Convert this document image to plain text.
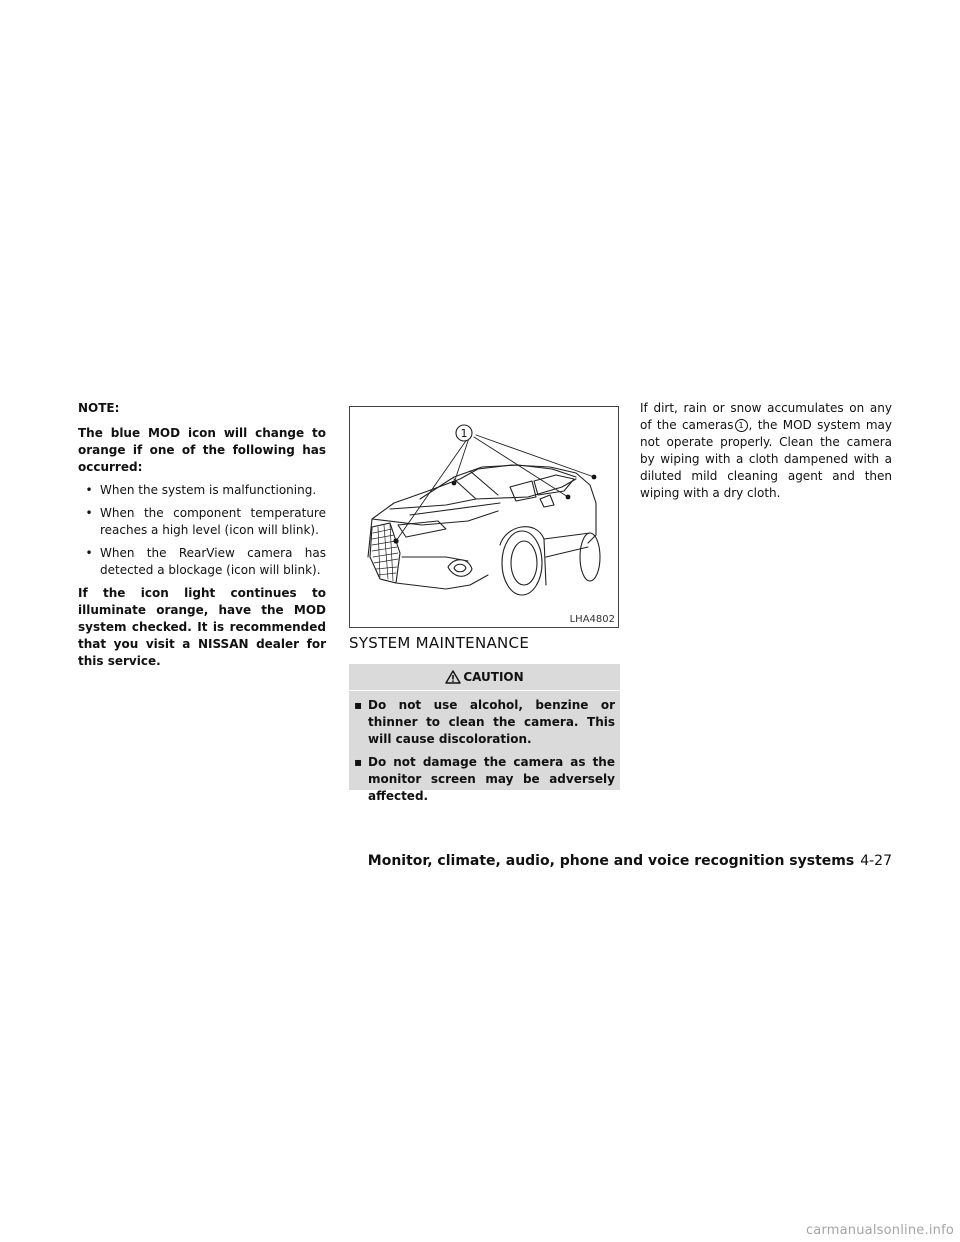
NOTE:

The blue MOD icon will change to orange if one of the following has occurred:

• When the system is malfunctioning.
• When the component temperature reaches a high level (icon will blink).
• When the RearView camera has detected a blockage (icon will blink).

If the icon light continues to illuminate orange, have the MOD system checked. It is recommended that you visit a NISSAN dealer for this service.

1
LHA4802
SYSTEM MAINTENANCE
CAUTION
▪ Do not use alcohol, benzine or thinner to clean the camera. This will cause discoloration.
▪ Do not damage the camera as the monitor screen may be adversely affected.

If dirt, rain or snow accumulates on any of the cameras 1 , the MOD system may not operate properly. Clean the camera by wiping with a cloth dampened with a diluted mild cleaning agent and then wiping with a dry cloth.

Monitor, climate, audio, phone and voice recognition systems 4-27
carmanualsonline.info
